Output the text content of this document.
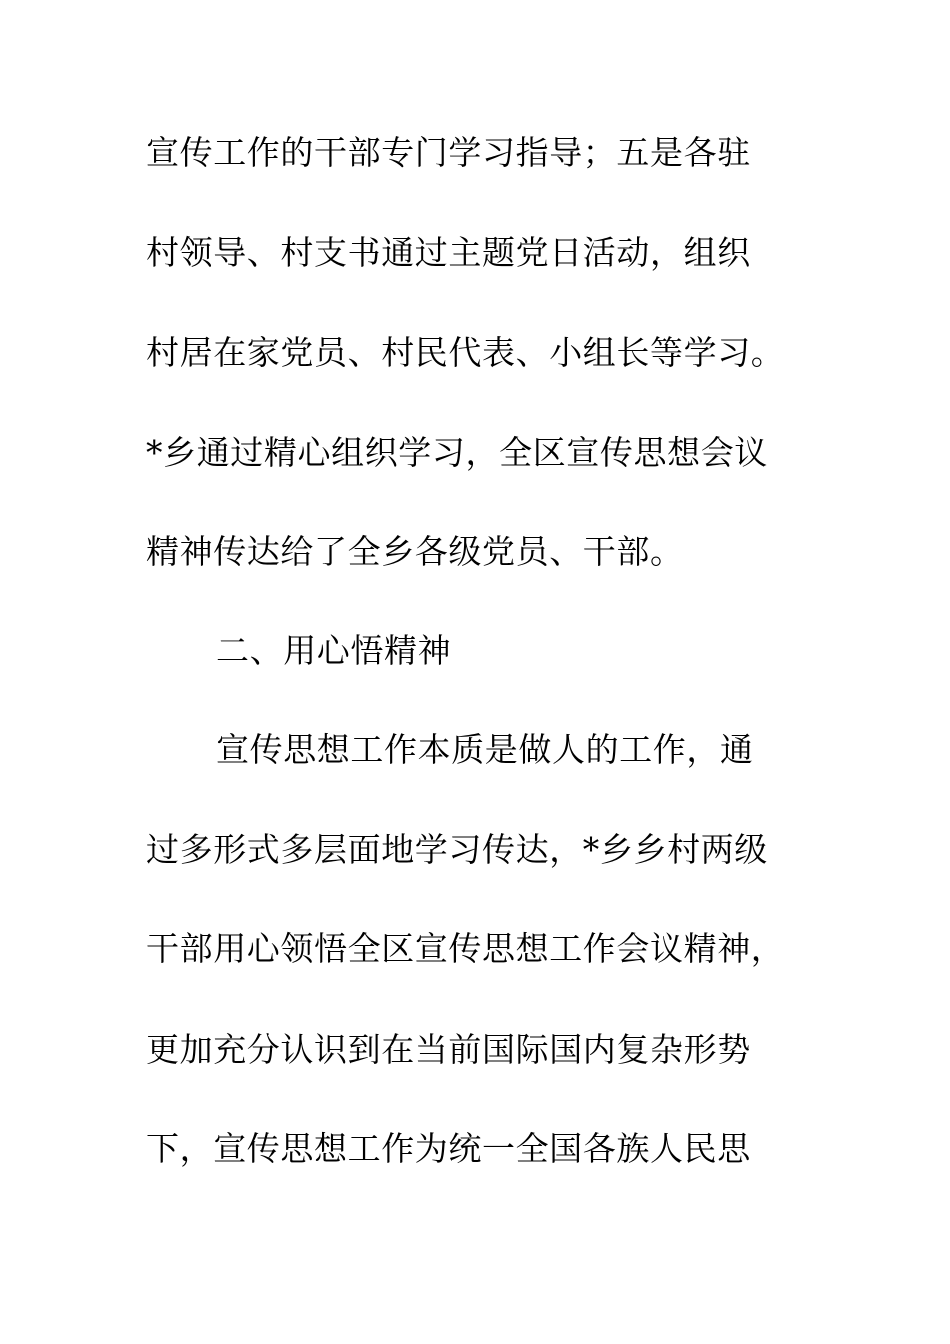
宣传工作的干部专门学习指导；五是各驻
村领导、村支书通过主题党日活动，组织
村居在家党员、村民代表、小组长等学习。
*乡通过精心组织学习，全区宣传思想会议
精神传达给了全乡各级党员、干部。
二、用心悟精神
宣传思想工作本质是做人的工作，通
过多形式多层面地学习传达，*乡乡村两级
干部用心领悟全区宣传思想工作会议精神，
更加充分认识到在当前国际国内复杂形势
下，宣传思想工作为统一全国各族人民思
